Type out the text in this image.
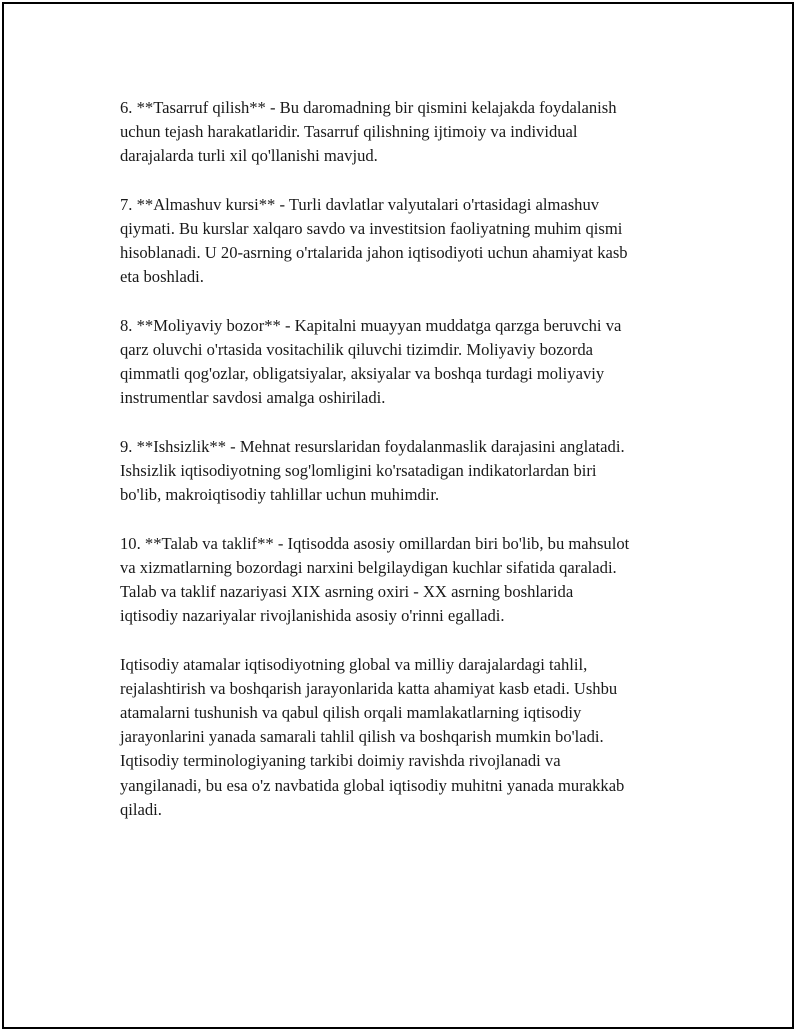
6. **Tasarruf qilish** - Bu daromadning bir qismini kelajakda foydalanish
uchun tejash harakatlaridir. Tasarruf qilishning ijtimoiy va individual
darajalarda turli xil qo'llanishi mavjud.

7. **Almashuv kursi** - Turli davlatlar valyutalari o'rtasidagi almashuv
qiymati. Bu kurslar xalqaro savdo va investitsion faoliyatning muhim qismi
hisoblanadi. U 20-asrning o'rtalarida jahon iqtisodiyoti uchun ahamiyat kasb
eta boshladi.

8. **Moliyaviy bozor** - Kapitalni muayyan muddatga qarzga beruvchi va
qarz oluvchi o'rtasida vositachilik qiluvchi tizimdir. Moliyaviy bozorda
qimmatli qog'ozlar, obligatsiyalar, aksiyalar va boshqa turdagi moliyaviy
instrumentlar savdosi amalga oshiriladi.

9. **Ishsizlik** - Mehnat resurslaridan foydalanmaslik darajasini anglatadi.
Ishsizlik iqtisodiyotning sog'lomligini ko'rsatadigan indikatorlardan biri
bo'lib, makroiqtisodiy tahlillar uchun muhimdir.

10. **Talab va taklif** - Iqtisodda asosiy omillardan biri bo'lib, bu mahsulot
va xizmatlarning bozordagi narxini belgilaydigan kuchlar sifatida qaraladi.
Talab va taklif nazariyasi XIX asrning oxiri - XX asrning boshlarida
iqtisodiy nazariyalar rivojlanishida asosiy o'rinni egalladi.

Iqtisodiy atamalar iqtisodiyotning global va milliy darajalardagi tahlil,
rejalashtirish va boshqarish jarayonlarida katta ahamiyat kasb etadi. Ushbu
atamalarni tushunish va qabul qilish orqali mamlakatlarning iqtisodiy
jarayonlarini yanada samarali tahlil qilish va boshqarish mumkin bo'ladi.
Iqtisodiy terminologiyaning tarkibi doimiy ravishda rivojlanadi va
yangilanadi, bu esa o'z navbatida global iqtisodiy muhitni yanada murakkab
qiladi.
